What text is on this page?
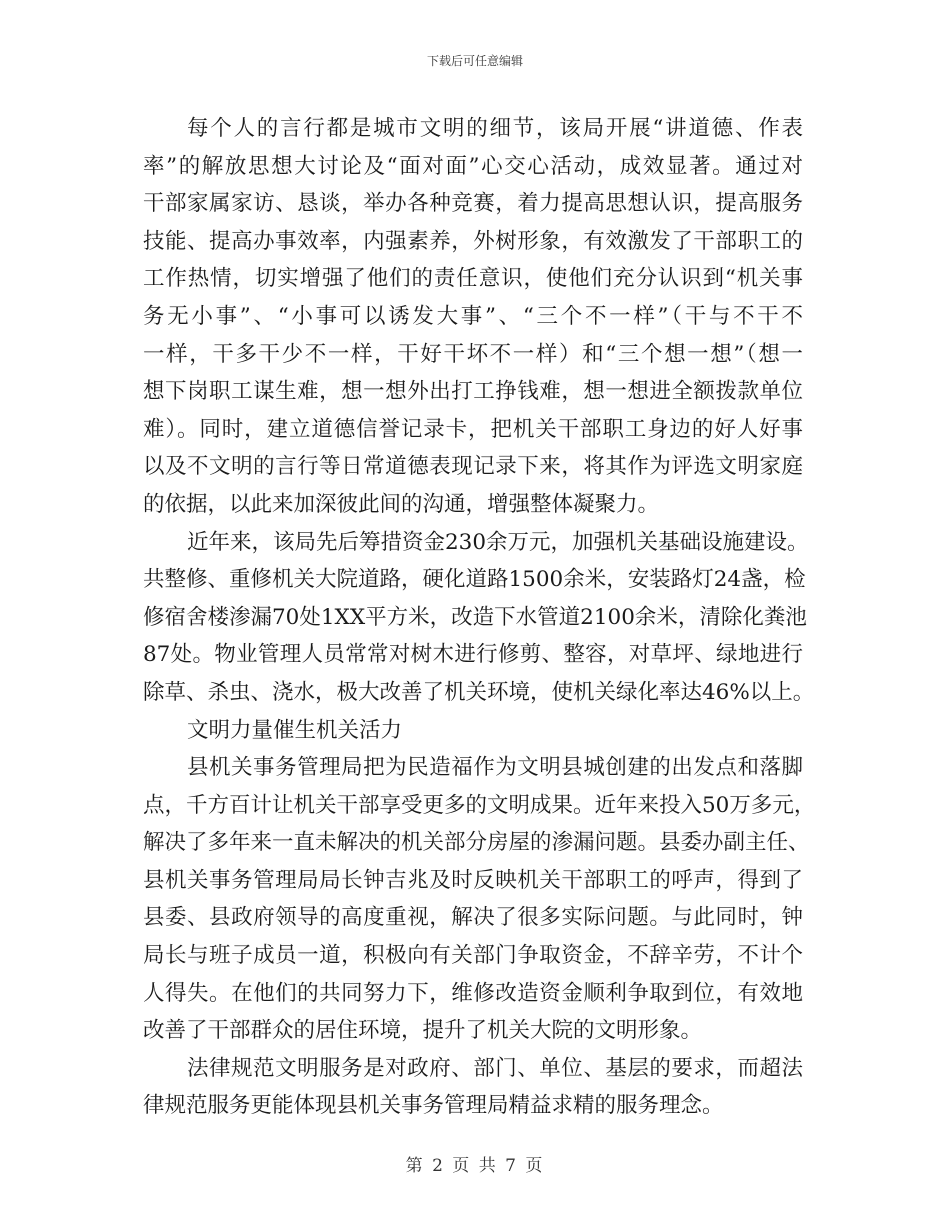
下载后可任意编辑
每个人的言行都是城市文明的细节，该局开展“讲道德、作表
率”的解放思想大讨论及“面对面”心交心活动，成效显著。通过对
干部家属家访、恳谈，举办各种竞赛，着力提高思想认识，提高服务
技能、提高办事效率，内强素养，外树形象，有效激发了干部职工的
工作热情，切实增强了他们的责任意识，使他们充分认识到“机关事
务无小事”、“小事可以诱发大事”、“三个不一样”（干与不干不
一样，干多干少不一样，干好干坏不一样）和“三个想一想”（想一
想下岗职工谋生难，想一想外出打工挣钱难，想一想进全额拨款单位
难）。同时，建立道德信誉记录卡，把机关干部职工身边的好人好事
以及不文明的言行等日常道德表现记录下来，将其作为评选文明家庭
的依据，以此来加深彼此间的沟通，增强整体凝聚力。
近年来，该局先后筹措资金230余万元，加强机关基础设施建设。
共整修、重修机关大院道路，硬化道路1500余米，安装路灯24盏，检
修宿舍楼渗漏70处1XX平方米，改造下水管道2100余米，清除化粪池
87处。物业管理人员常常对树木进行修剪、整容，对草坪、绿地进行
除草、杀虫、浇水，极大改善了机关环境，使机关绿化率达46%以上。
文明力量催生机关活力
县机关事务管理局把为民造福作为文明县城创建的出发点和落脚
点，千方百计让机关干部享受更多的文明成果。近年来投入50万多元，
解决了多年来一直未解决的机关部分房屋的渗漏问题。县委办副主任、
县机关事务管理局局长钟吉兆及时反映机关干部职工的呼声，得到了
县委、县政府领导的高度重视，解决了很多实际问题。与此同时，钟
局长与班子成员一道，积极向有关部门争取资金，不辞辛劳，不计个
人得失。在他们的共同努力下，维修改造资金顺利争取到位，有效地
改善了干部群众的居住环境，提升了机关大院的文明形象。
法律规范文明服务是对政府、部门、单位、基层的要求，而超法
律规范服务更能体现县机关事务管理局精益求精的服务理念。
第 2 页 共 7 页
